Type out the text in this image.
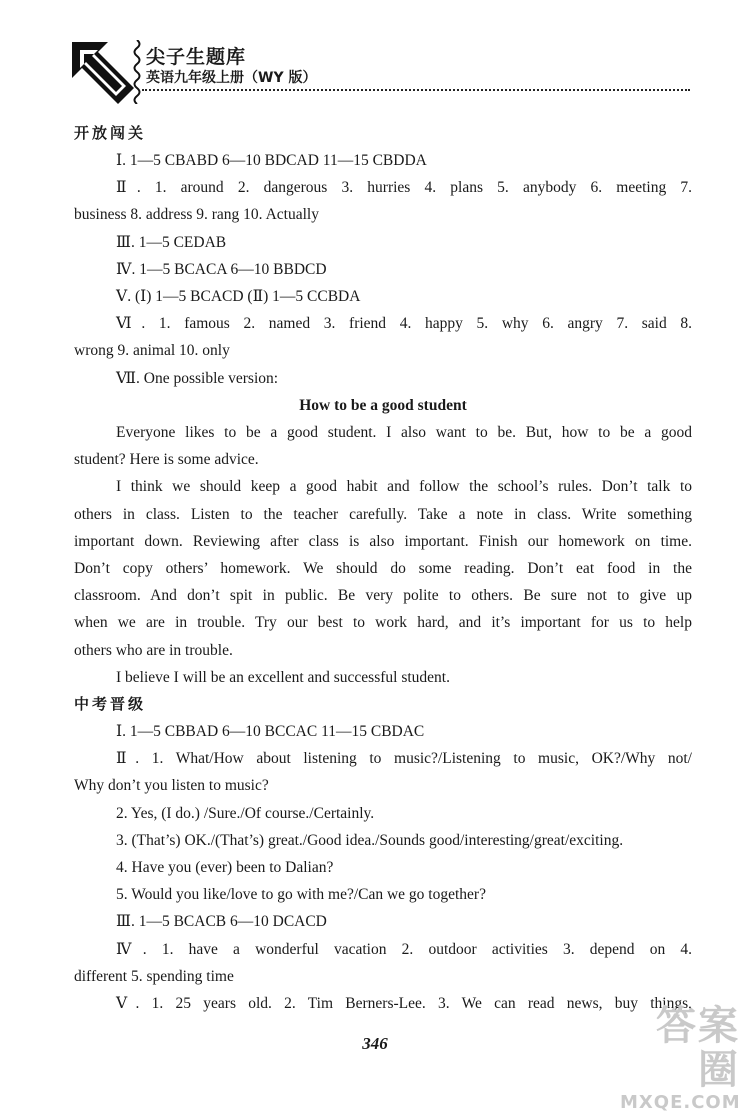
尖子生题库
英语九年级上册（WY 版）
开放闯关
Ⅰ. 1—5 CBABD 6—10 BDCAD 11—15 CBDDA
Ⅱ. 1. around 2. dangerous 3. hurries 4. plans 5. anybody 6. meeting 7.
business 8. address 9. rang 10. Actually
Ⅲ. 1—5 CEDAB
Ⅳ. 1—5 BCACA 6—10 BBDCD
Ⅴ. (Ⅰ) 1—5 BCACD (Ⅱ) 1—5 CCBDA
Ⅵ. 1. famous 2. named 3. friend 4. happy 5. why 6. angry 7. said 8.
wrong 9. animal 10. only
Ⅶ. One possible version:
How to be a good student
Everyone likes to be a good student. I also want to be. But, how to be a good
student? Here is some advice.
I think we should keep a good habit and follow the school’s rules. Don’t talk to
others in class. Listen to the teacher carefully. Take a note in class. Write something
important down. Reviewing after class is also important. Finish our homework on time.
Don’t copy others’ homework. We should do some reading. Don’t eat food in the
classroom. And don’t spit in public. Be very polite to others. Be sure not to give up
when we are in trouble. Try our best to work hard, and it’s important for us to help
others who are in trouble.
I believe I will be an excellent and successful student.
中考晋级
Ⅰ. 1—5 CBBAD 6—10 BCCAC 11—15 CBDAC
Ⅱ. 1. What/How about listening to music?/Listening to music, OK?/Why not/
Why don’t you listen to music?
2. Yes, (I do.) /Sure./Of course./Certainly.
3. (That’s) OK./(That’s) great./Good idea./Sounds good/interesting/great/exciting.
4. Have you (ever) been to Dalian?
5. Would you like/love to go with me?/Can we go together?
Ⅲ. 1—5 BCACB 6—10 DCACD
Ⅳ. 1. have a wonderful vacation 2. outdoor activities 3. depend on 4.
different 5. spending time
Ⅴ. 1. 25 years old. 2. Tim Berners-Lee. 3. We can read news, buy things,
346	答案圈
MXQE.COM
